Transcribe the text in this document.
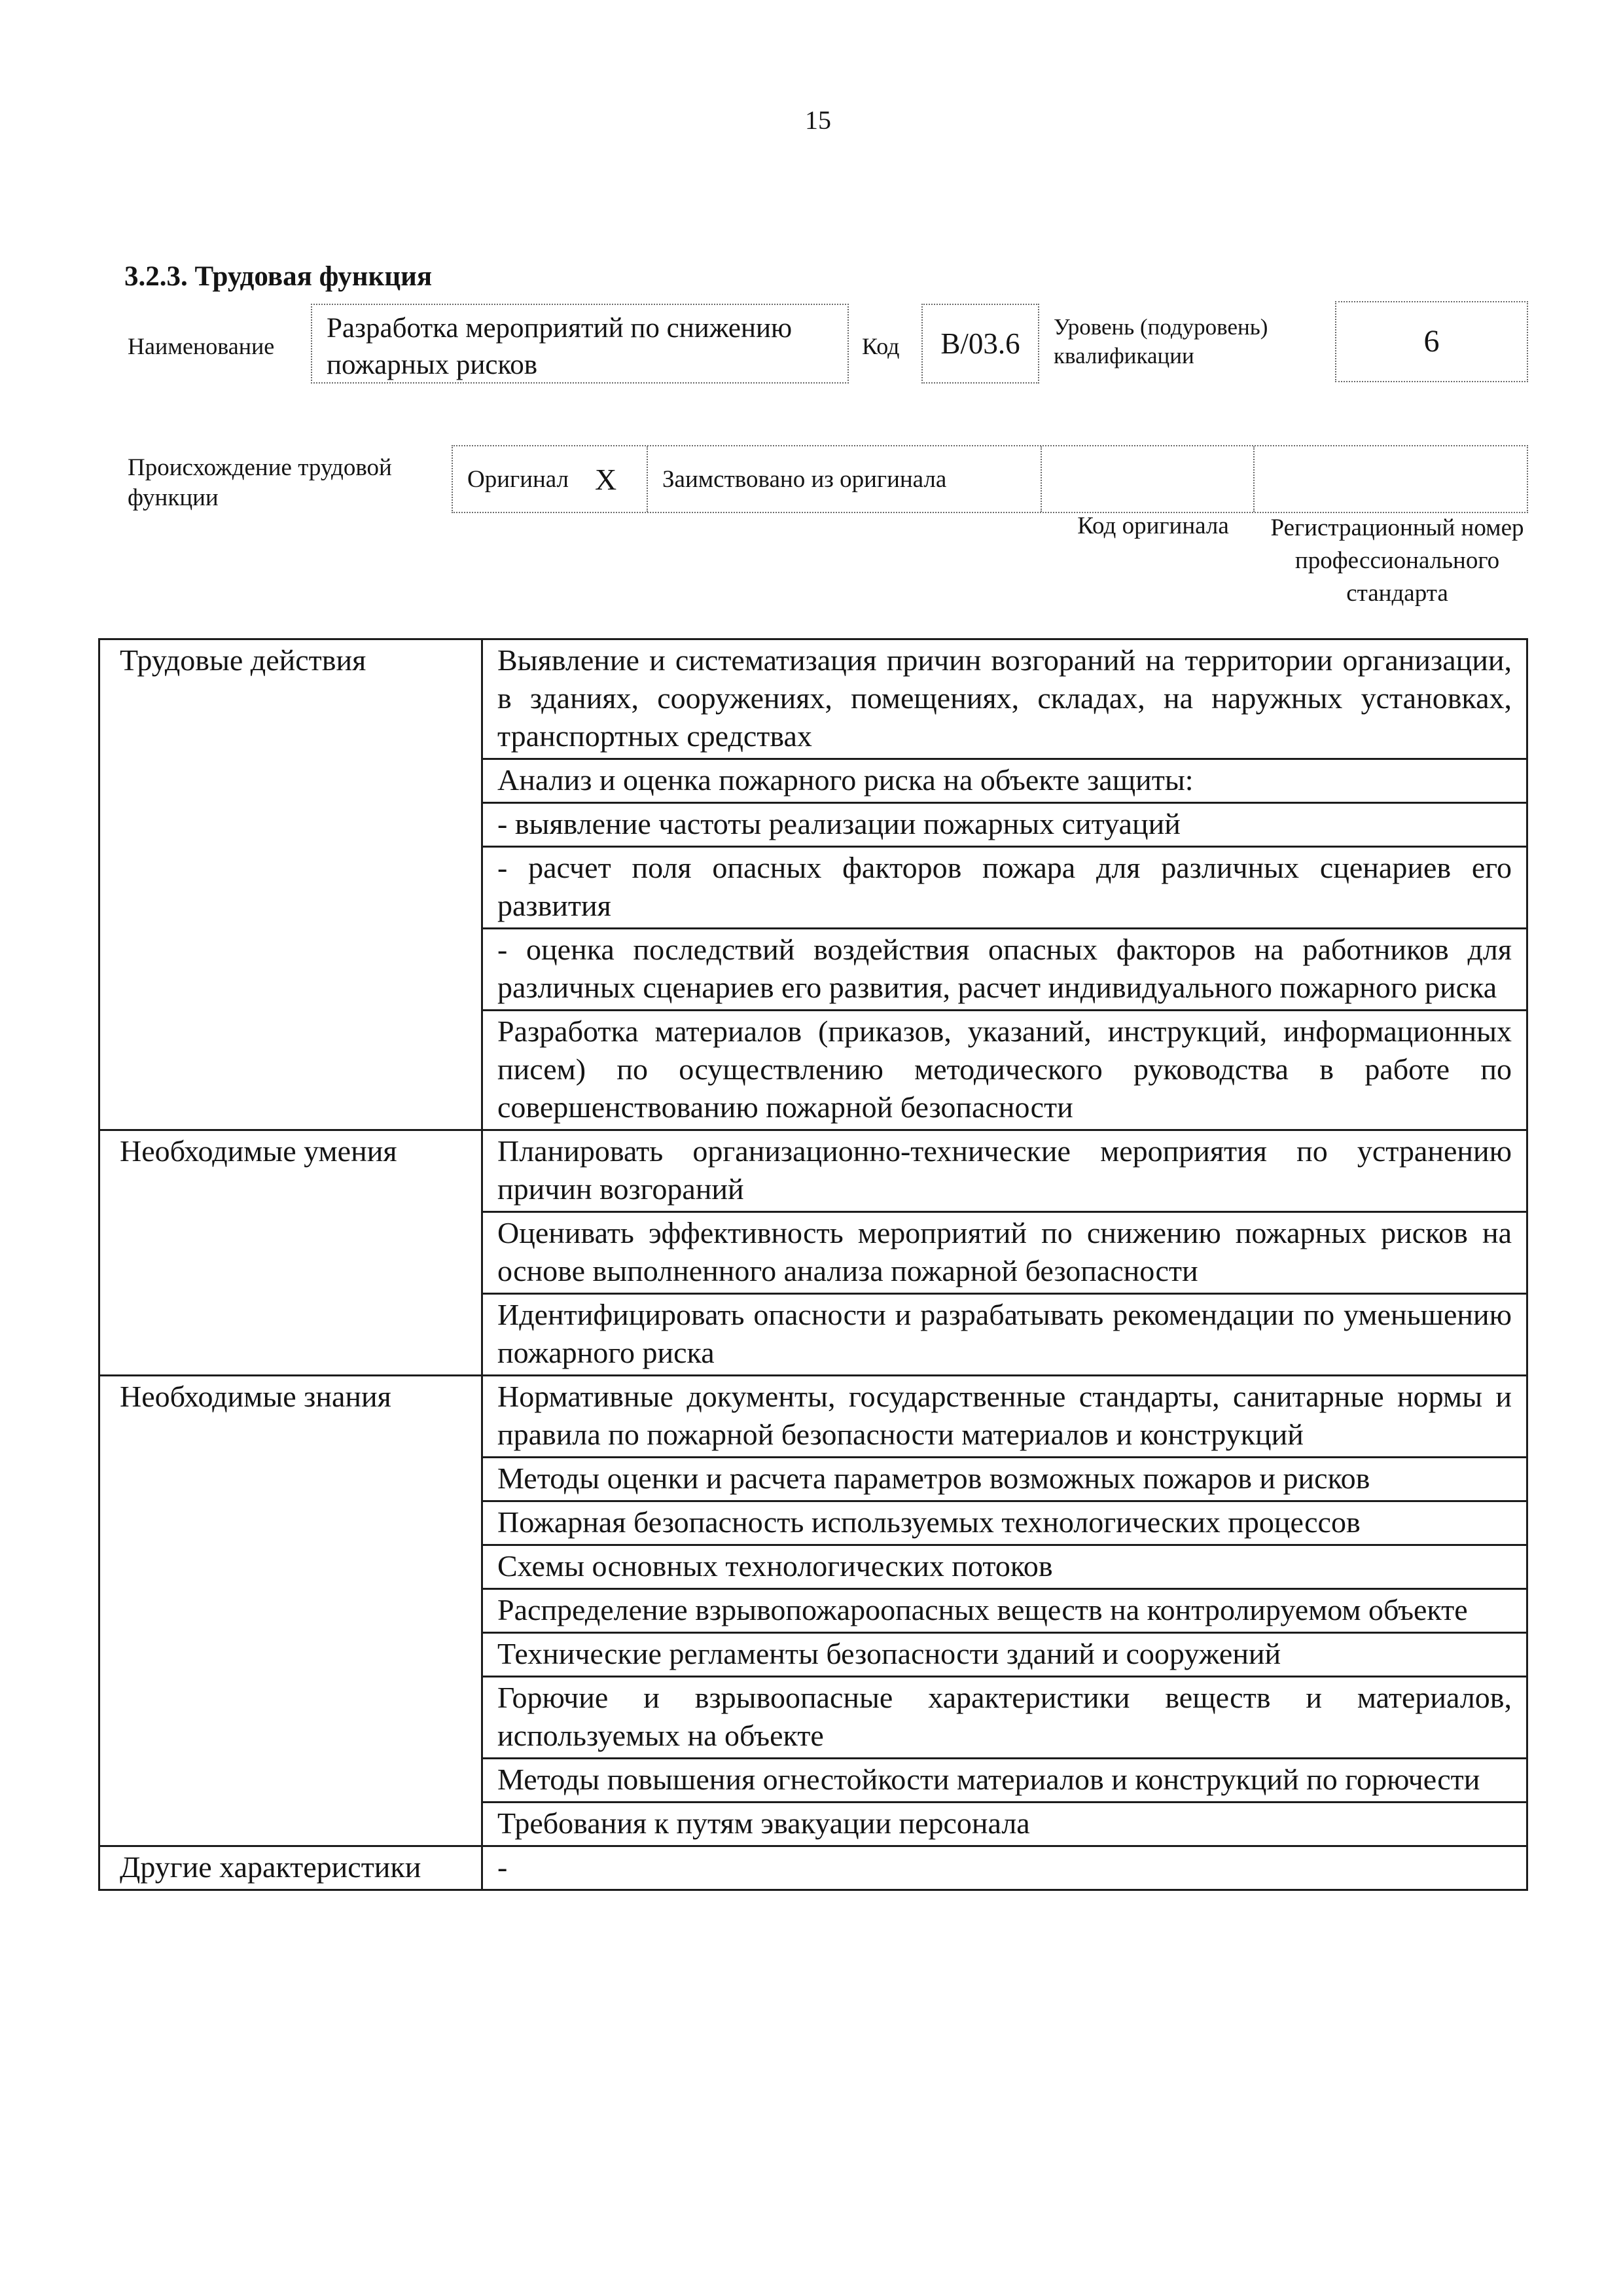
15
3.2.3. Трудовая функция
Наименование
Разработка мероприятий по снижению пожарных рисков
Код	B/03.6
Уровень (подуровень) квалификации	6
Происхождение трудовой функции
Оригинал X Заимствовано из оригинала
Код оригинала	Регистрационный номер профессионального стандарта
Трудовые действия	Выявление и систематизация причин возгораний на территории организации, в зданиях, сооружениях, помещениях, складах, на наружных установках, транспортных средствах
	Анализ и оценка пожарного риска на объекте защиты:
	- выявление частоты реализации пожарных ситуаций
	- расчет поля опасных факторов пожара для различных сценариев его развития
	- оценка последствий воздействия опасных факторов на работников для различных сценариев его развития, расчет индивидуального пожарного риска
	Разработка материалов (приказов, указаний, инструкций, информационных писем) по осуществлению методического руководства в работе по совершенствованию пожарной безопасности
Необходимые умения	Планировать организационно-технические мероприятия по устранению причин возгораний
	Оценивать эффективность мероприятий по снижению пожарных рисков на основе выполненного анализа пожарной безопасности
	Идентифицировать опасности и разрабатывать рекомендации по уменьшению пожарного риска
Необходимые знания	Нормативные документы, государственные стандарты, санитарные нормы и правила по пожарной безопасности материалов и конструкций
	Методы оценки и расчета параметров возможных пожаров и рисков
	Пожарная безопасность используемых технологических процессов
	Схемы основных технологических потоков
	Распределение взрывопожароопасных веществ на контролируемом объекте
	Технические регламенты безопасности зданий и сооружений
	Горючие и взрывоопасные характеристики веществ и материалов, используемых на объекте
	Методы повышения огнестойкости материалов и конструкций по горючести
	Требования к путям эвакуации персонала
Другие характеристики	-
